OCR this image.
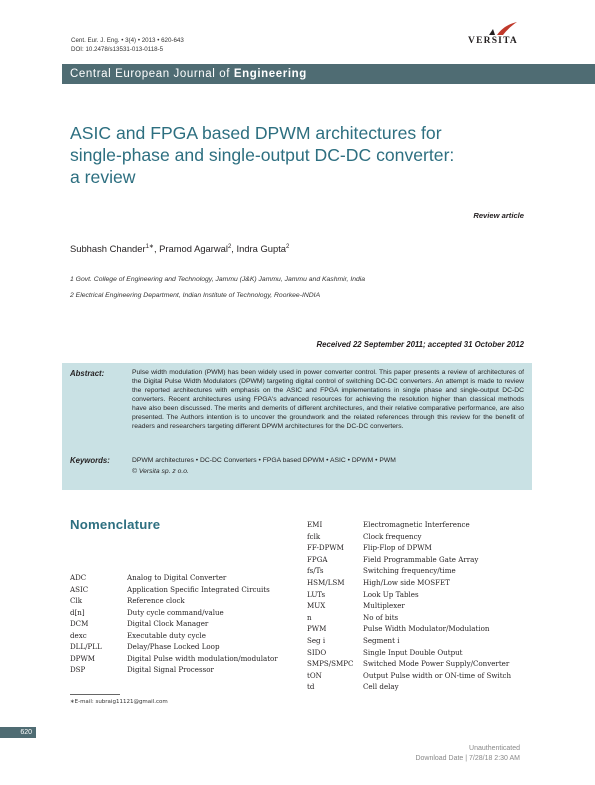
Cent. Eur. J. Eng. • 3(4) • 2013 • 620-643
DOI: 10.2478/s13531-013-0118-5
VERSITA
Central European Journal of Engineering
ASIC and FPGA based DPWM architectures for
single-phase and single-output DC-DC converter:
a review
Review article
Subhash Chander$^{1∗}$, Pramod Agarwal$^2$, Indra Gupta$^2$
1 Govt. College of Engineering and Technology, Jammu (J&K) Jammu, Jammu and Kashmir, India
2 Electrical Engineering Department, Indian Institute of Technology, Roorkee-INDIA
Received 22 September 2011; accepted 31 October 2012
Abstract:	Pulse width modulation (PWM) has been widely used in power converter control. This paper presents a review of architectures of the Digital Pulse Width Modulators (DPWM) targeting digital control of switching DC-DC converters. An attempt is made to review the reported architectures with emphasis on the ASIC and FPGA implementations in single phase and single-output DC-DC converters. Recent architectures using FPGA's advanced resources for achieving the resolution higher than classical methods have also been discussed. The merits and demerits of different architectures, and their relative comparative performance, are also presented. The Authors intention is to uncover the groundwork and the related references through this review for the benefit of readers and researchers targeting different DPWM architectures for the DC-DC converters.
Keywords:	DPWM architectures • DC-DC Converters • FPGA based DPWM • ASIC • DPWM • PWM
© Versita sp. z o.o.
Nomenclature
ADC	Analog to Digital Converter
ASIC	Application Specific Integrated Circuits
Clk	Reference clock
d[n]	Duty cycle command/value
DCM	Digital Clock Manager
dexc	Executable duty cycle
DLL/PLL	Delay/Phase Locked Loop
DPWM	Digital Pulse width modulation/modulator
DSP	Digital Signal Processor
EMI	Electromagnetic Interference
fclk	Clock frequency
FF-DPWM	Flip-Flop of DPWM
FPGA	Field Programmable Gate Array
fs/Ts	Switching frequency/time
HSM/LSM	High/Low side MOSFET
LUTs	Look Up Tables
MUX	Multiplexer
n	No of bits
PWM	Pulse Width Modulator/Modulation
Seg i	Segment i
SIDO	Single Input Double Output
SMPS/SMPC Switched Mode Power Supply/Converter
tON	Output Pulse width or ON-time of Switch
td	Cell delay
∗E-mail: subraig11121@gmail.com
620
Unauthenticated
Download Date | 7/28/18 2:30 AM
